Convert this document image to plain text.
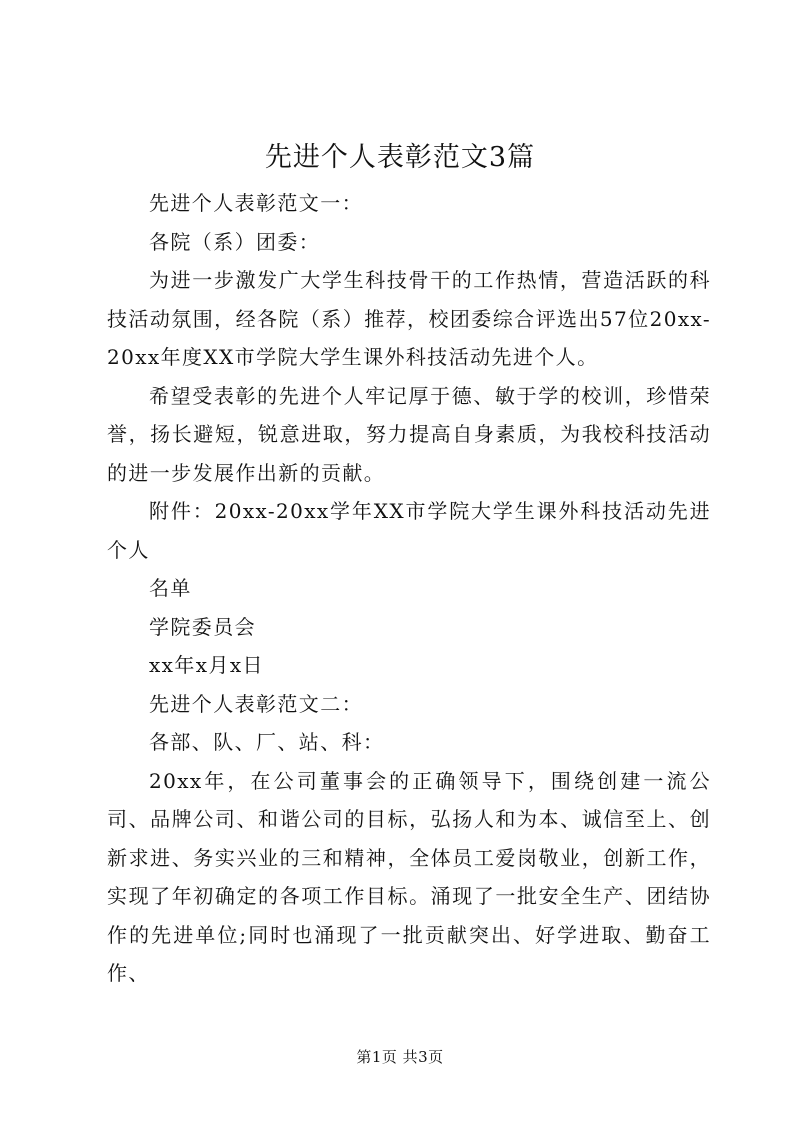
先进个人表彰范文3篇

先进个人表彰范文一：

各院（系）团委：

为进一步激发广大学生科技骨干的工作热情，营造活跃的科技活动氛围，经各院（系）推荐，校团委综合评选出57位20xx-20xx年度XX市学院大学生课外科技活动先进个人。

希望受表彰的先进个人牢记厚于德、敏于学的校训，珍惜荣誉，扬长避短，锐意进取，努力提高自身素质，为我校科技活动的进一步发展作出新的贡献。

附件：20xx-20xx学年XX市学院大学生课外科技活动先进个人

名单

学院委员会

xx年x月x日

先进个人表彰范文二：

各部、队、厂、站、科：

20xx年，在公司董事会的正确领导下，围绕创建一流公司、品牌公司、和谐公司的目标，弘扬人和为本、诚信至上、创新求进、务实兴业的三和精神，全体员工爱岗敬业，创新工作，实现了年初确定的各项工作目标。涌现了一批安全生产、团结协作的先进单位;同时也涌现了一批贡献突出、好学进取、勤奋工作、

第1页 共3页
